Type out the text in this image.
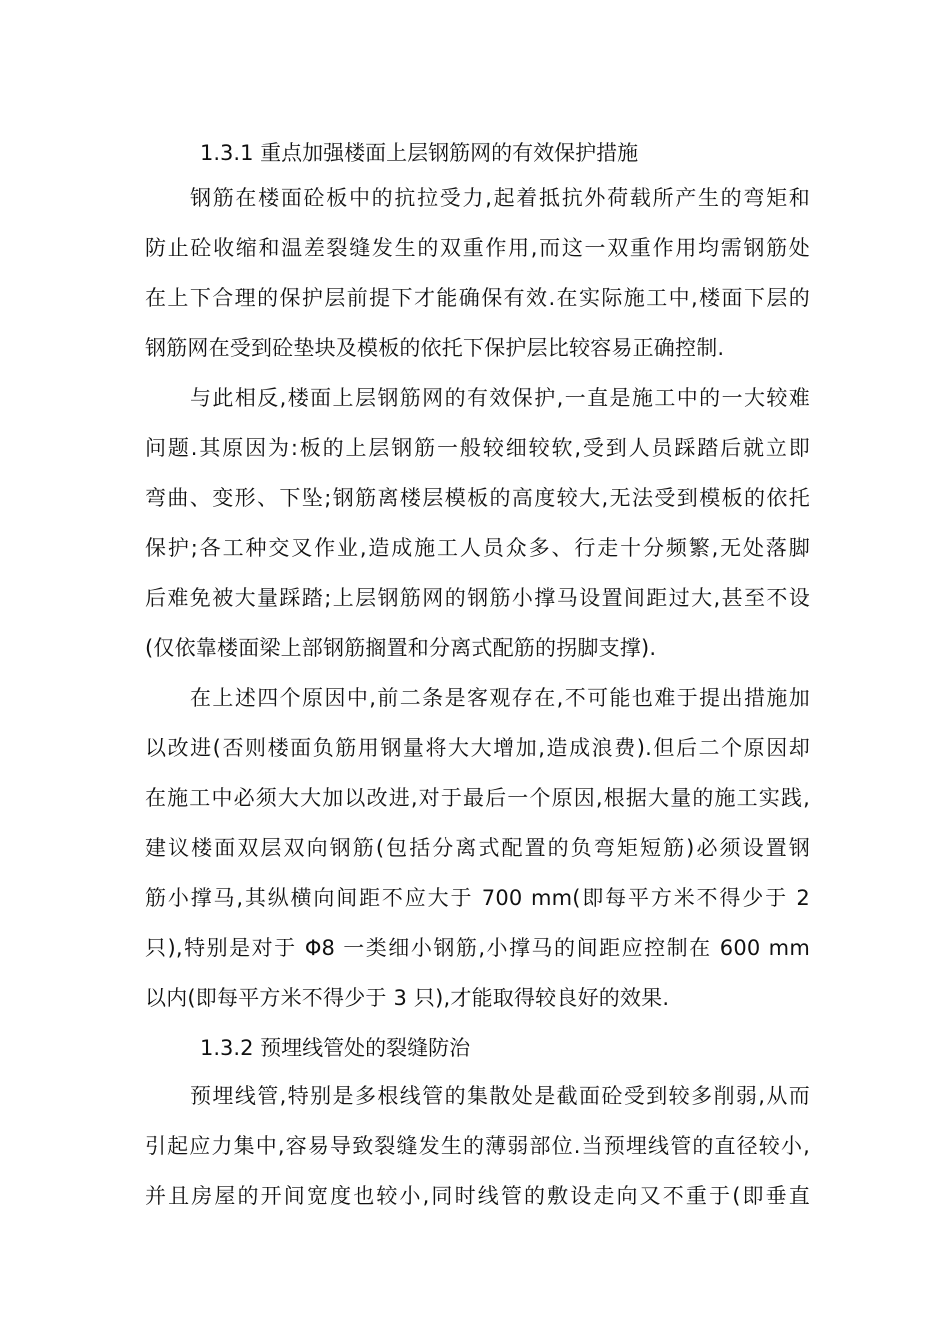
1.3.1 重点加强楼面上层钢筋网的有效保护措施
钢筋在楼面砼板中的抗拉受力,起着抵抗外荷载所产生的弯矩和
防止砼收缩和温差裂缝发生的双重作用,而这一双重作用均需钢筋处
在上下合理的保护层前提下才能确保有效.在实际施工中,楼面下层的
钢筋网在受到砼垫块及模板的依托下保护层比较容易正确控制.
与此相反,楼面上层钢筋网的有效保护,一直是施工中的一大较难
问题.其原因为:板的上层钢筋一般较细较软,受到人员踩踏后就立即
弯曲、变形、下坠;钢筋离楼层模板的高度较大,无法受到模板的依托
保护;各工种交叉作业,造成施工人员众多、行走十分频繁,无处落脚
后难免被大量踩踏;上层钢筋网的钢筋小撑马设置间距过大,甚至不设
(仅依靠楼面梁上部钢筋搁置和分离式配筋的拐脚支撑).
在上述四个原因中,前二条是客观存在,不可能也难于提出措施加
以改进(否则楼面负筋用钢量将大大增加,造成浪费).但后二个原因却
在施工中必须大大加以改进,对于最后一个原因,根据大量的施工实践,
建议楼面双层双向钢筋(包括分离式配置的负弯矩短筋)必须设置钢
筋小撑马,其纵横向间距不应大于 700 mm(即每平方米不得少于 2
只),特别是对于 Φ8 一类细小钢筋,小撑马的间距应控制在 600 mm
以内(即每平方米不得少于 3 只),才能取得较良好的效果.
1.3.2 预埋线管处的裂缝防治
预埋线管,特别是多根线管的集散处是截面砼受到较多削弱,从而
引起应力集中,容易导致裂缝发生的薄弱部位.当预埋线管的直径较小,
并且房屋的开间宽度也较小,同时线管的敷设走向又不重于(即垂直
